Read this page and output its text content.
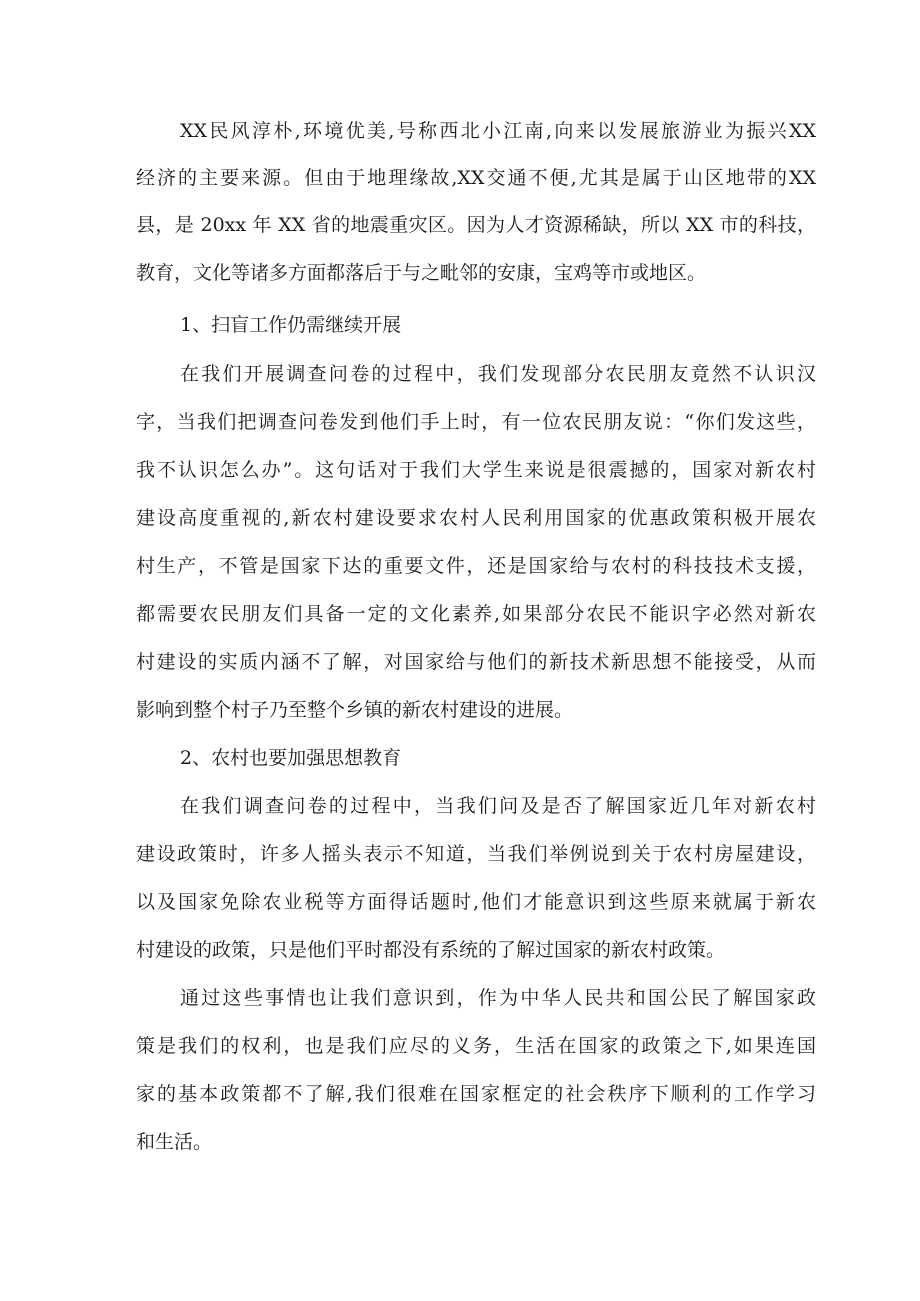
XX民风淳朴,环境优美,号称西北小江南,向来以发展旅游业为振兴XX
经济的主要来源。但由于地理缘故,XX交通不便,尤其是属于山区地带的XX
县，是 20xx 年 XX 省的地震重灾区。因为人才资源稀缺，所以 XX 市的科技，
教育，文化等诸多方面都落后于与之毗邻的安康，宝鸡等市或地区。
1、扫盲工作仍需继续开展
在我们开展调查问卷的过程中，我们发现部分农民朋友竟然不认识汉
字，当我们把调查问卷发到他们手上时，有一位农民朋友说：“你们发这些，
我不认识怎么办”。这句话对于我们大学生来说是很震撼的，国家对新农村
建设高度重视的,新农村建设要求农村人民利用国家的优惠政策积极开展农
村生产，不管是国家下达的重要文件，还是国家给与农村的科技技术支援，
都需要农民朋友们具备一定的文化素养,如果部分农民不能识字必然对新农
村建设的实质内涵不了解，对国家给与他们的新技术新思想不能接受，从而
影响到整个村子乃至整个乡镇的新农村建设的进展。
2、农村也要加强思想教育
在我们调查问卷的过程中，当我们问及是否了解国家近几年对新农村
建设政策时，许多人摇头表示不知道，当我们举例说到关于农村房屋建设，
以及国家免除农业税等方面得话题时,他们才能意识到这些原来就属于新农
村建设的政策，只是他们平时都没有系统的了解过国家的新农村政策。
通过这些事情也让我们意识到，作为中华人民共和国公民了解国家政
策是我们的权利，也是我们应尽的义务，生活在国家的政策之下,如果连国
家的基本政策都不了解,我们很难在国家框定的社会秩序下顺利的工作学习
和生活。
